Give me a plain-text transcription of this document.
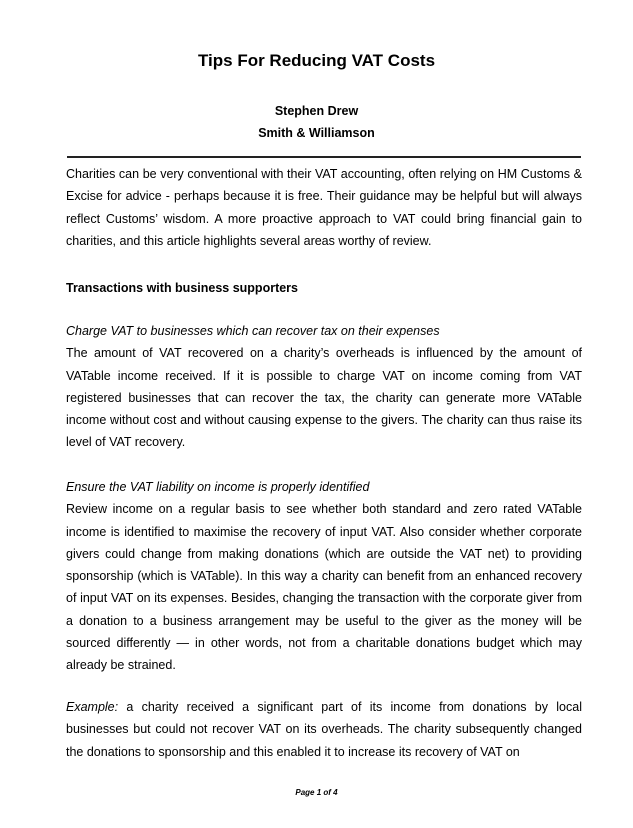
Tips For Reducing VAT Costs
Stephen Drew
Smith & Williamson

Charities can be very conventional with their VAT accounting, often relying on HM Customs & Excise for advice - perhaps because it is free. Their guidance may be helpful but will always reflect Customs’ wisdom. A more proactive approach to VAT could bring financial gain to charities, and this article highlights several areas worthy of review.

Transactions with business supporters

Charge VAT to businesses which can recover tax on their expenses

The amount of VAT recovered on a charity’s overheads is influenced by the amount of VATable income received. If it is possible to charge VAT on income coming from VAT registered businesses that can recover the tax, the charity can generate more VATable income without cost and without causing expense to the givers. The charity can thus raise its level of VAT recovery.

Ensure the VAT liability on income is properly identified

Review income on a regular basis to see whether both standard and zero rated VATable income is identified to maximise the recovery of input VAT. Also consider whether corporate givers could change from making donations (which are outside the VAT net) to providing sponsorship (which is VATable). In this way a charity can benefit from an enhanced recovery of input VAT on its expenses. Besides, changing the transaction with the corporate giver from a donation to a business arrangement may be useful to the giver as the money will be sourced differently — in other words, not from a charitable donations budget which may already be strained.

Example: a charity received a significant part of its income from donations by local businesses but could not recover VAT on its overheads. The charity subsequently changed the donations to sponsorship and this enabled it to increase its recovery of VAT on

Page 1 of 4
